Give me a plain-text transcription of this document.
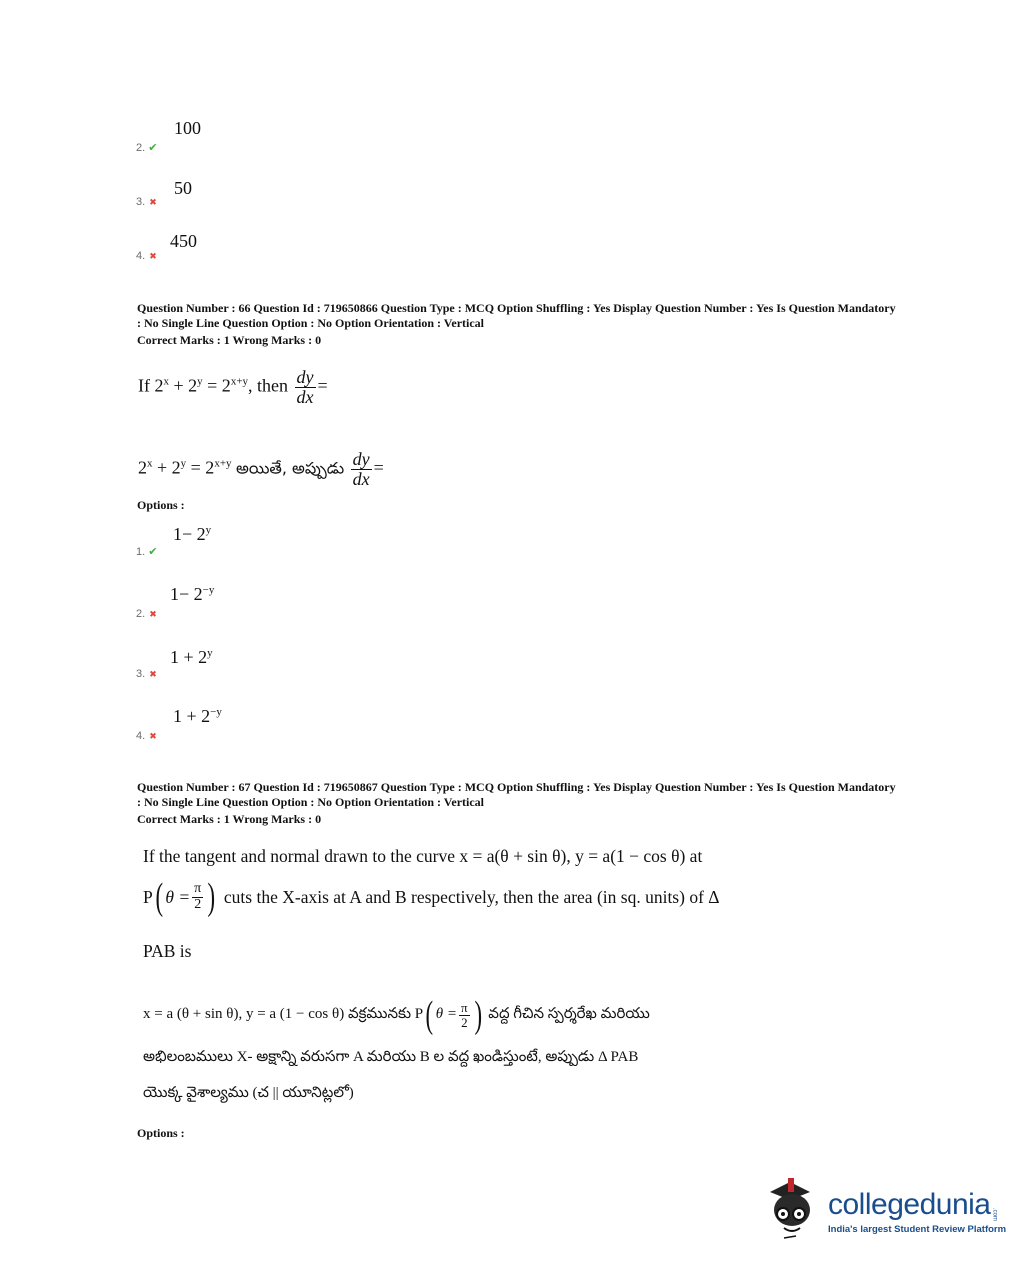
100
2. ✔
50
3. ✖
450
4. ✖
Question Number : 66 Question Id : 719650866 Question Type : MCQ Option Shuffling : Yes Display Question Number : Yes Is Question Mandatory : No Single Line Question Option : No Option Orientation : Vertical
Correct Marks : 1 Wrong Marks : 0
If $2^x + 2^y = 2^{x+y}$, then $\frac{dy}{dx}$ =
$2^x + 2^y = 2^{x+y}$ అయితే, అప్పుడు $\frac{dy}{dx}$ =
Options :
$1- 2^y$
1. ✔
$1- 2^{-y}$
2. ✖
$1 + 2^y$
3. ✖
$1 + 2^{-y}$
4. ✖
Question Number : 67 Question Id : 719650867 Question Type : MCQ Option Shuffling : Yes Display Question Number : Yes Is Question Mandatory : No Single Line Question Option : No Option Orientation : Vertical
Correct Marks : 1 Wrong Marks : 0
If the tangent and normal drawn to the curve x = a(θ + sin θ), y = a(1 − cos θ) at
P ( $\theta = \frac{\pi}{2}$ ) cuts the X-axis at A and B respectively, then the area (in sq. units) of Δ
PAB is
x = a (θ + sin θ), y = a (1 − cos θ) వక్రమునకు P ( $\theta = \frac{\pi}{2}$ ) వద్ద గీచిన స్పర్శరేఖ మరియు
అభిలంబములు X- అక్షాన్ని వరుసగా A మరియు B ల వద్ద ఖండిస్తుంటే, అప్పుడు Δ PAB
యొక్క వైశాల్యము (చ || యూనిట్లలో)
Options :
collegedunia .com
India's largest Student Review Platform
